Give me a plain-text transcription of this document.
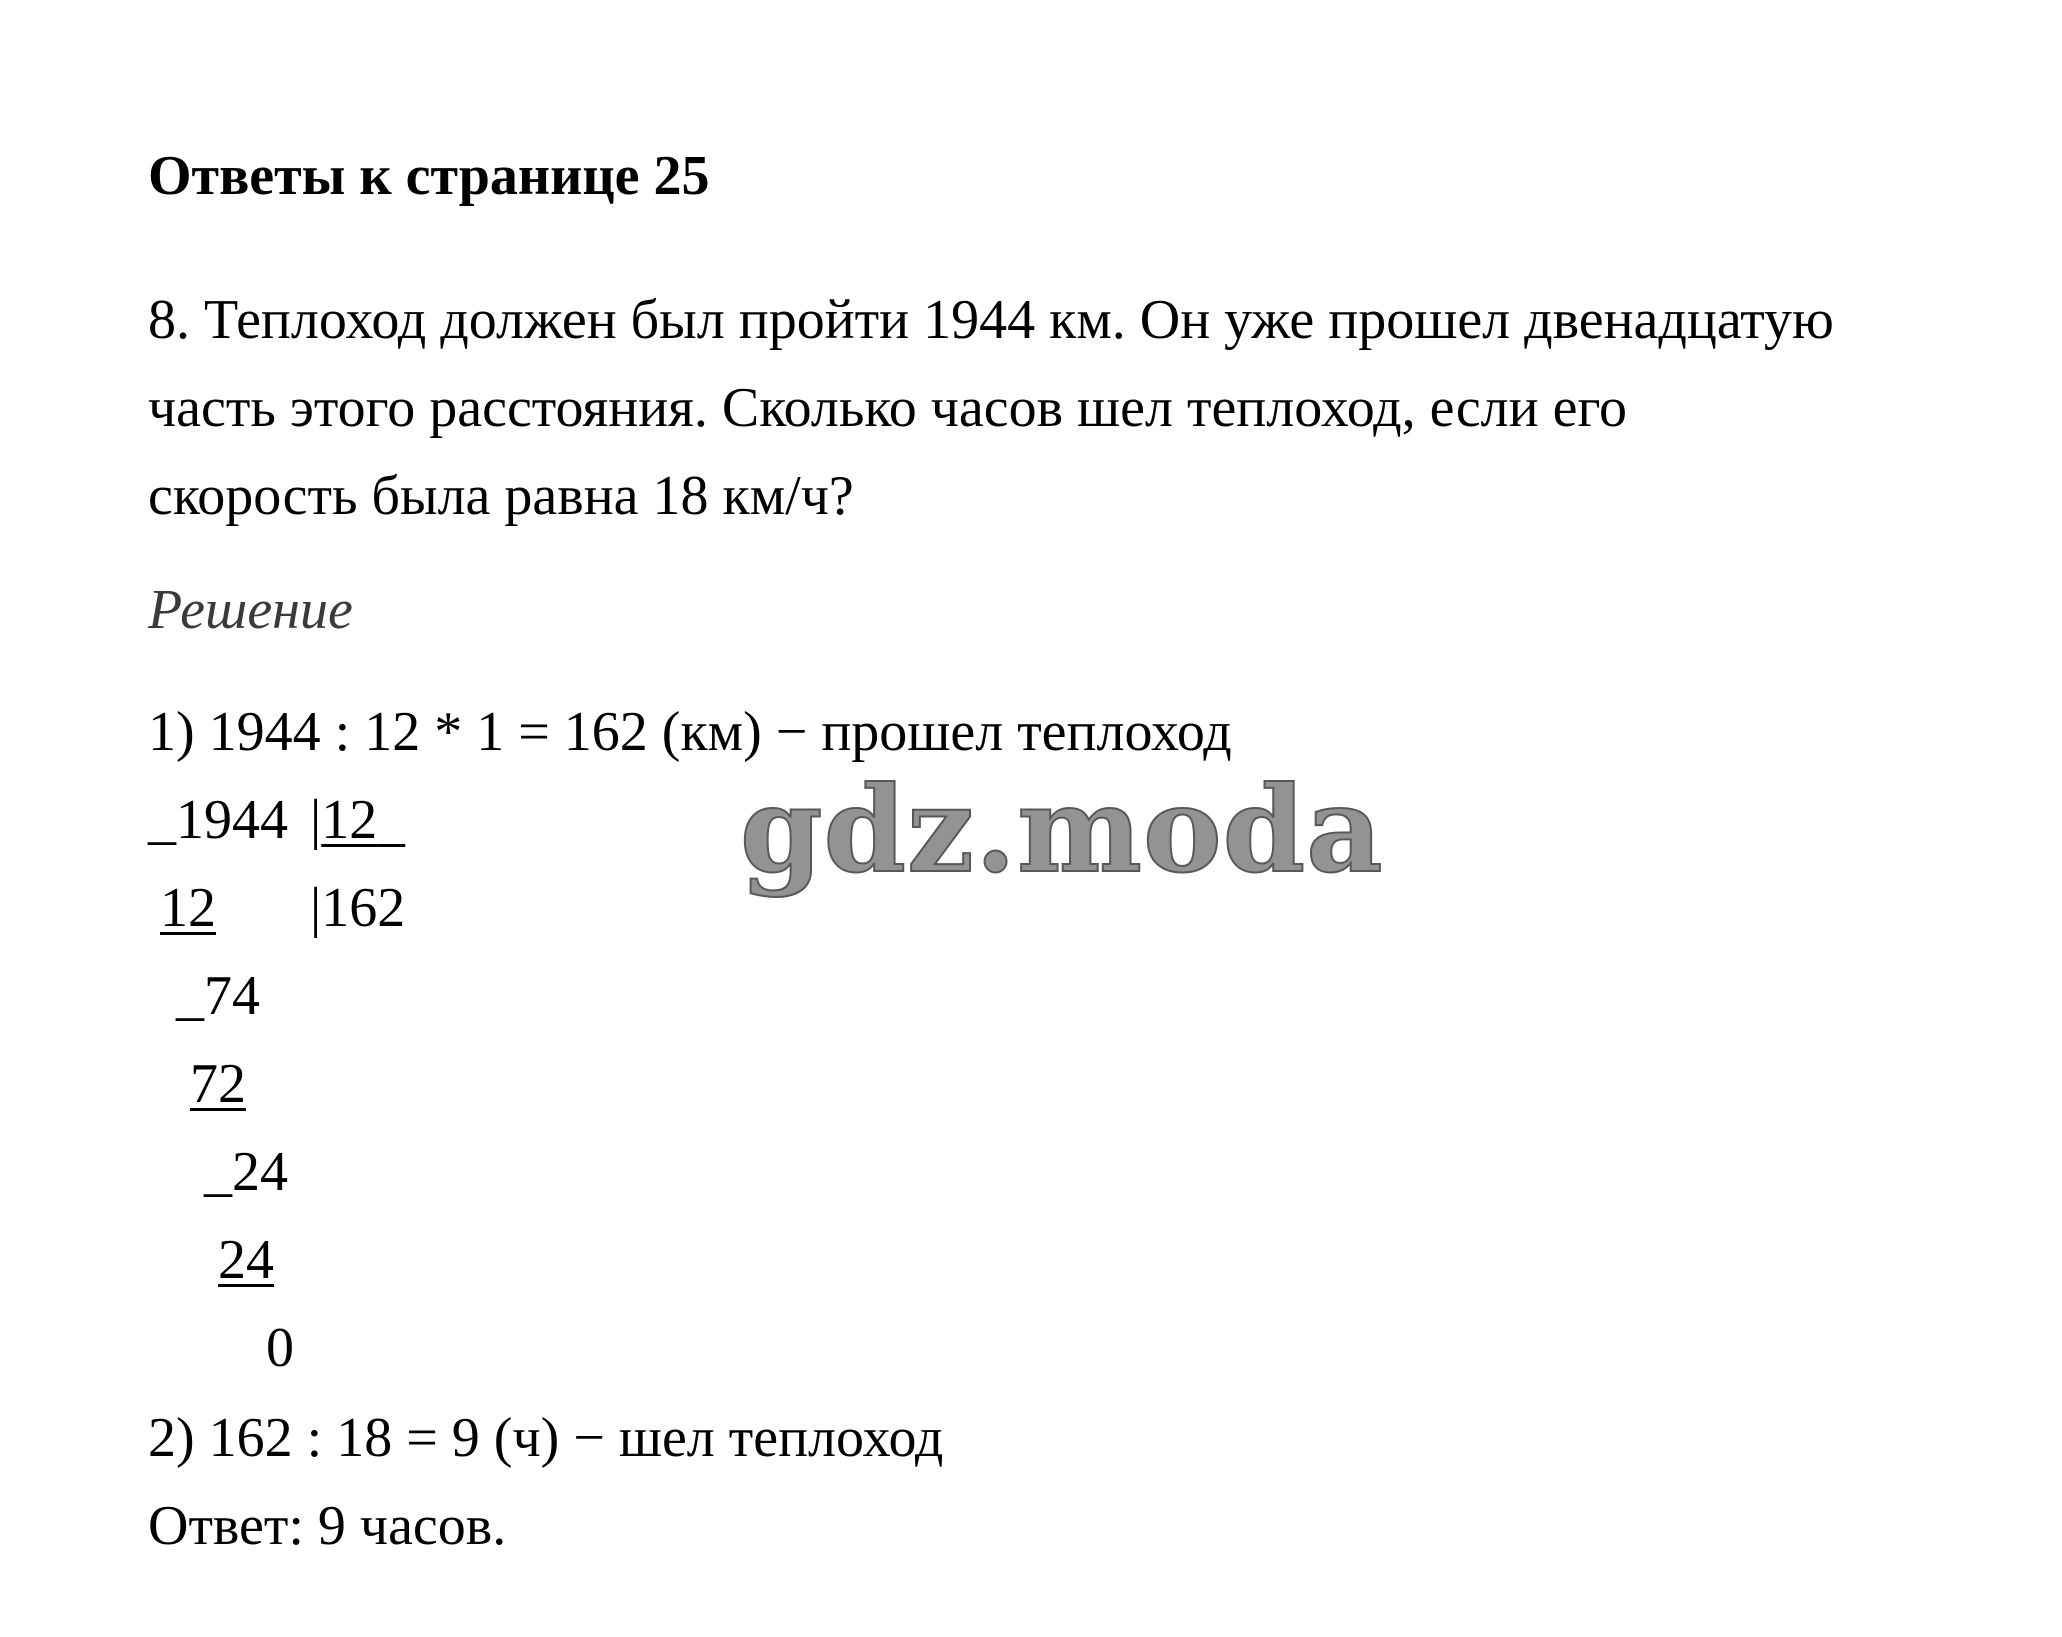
Ответы к странице 25
8. Теплоход должен был пройти 1944 км. Он уже прошел двенадцатую
часть этого расстояния. Сколько часов шел теплоход, если его
скорость была равна 18 км/ч?
Решение
1) 1944 : 12 * 1 = 162 (км) − прошел теплоход
_1944 |12
12 |162
_74
72
_24
24
0
2) 162 : 18 = 9 (ч) − шел теплоход
Ответ: 9 часов.
gdz.moda
